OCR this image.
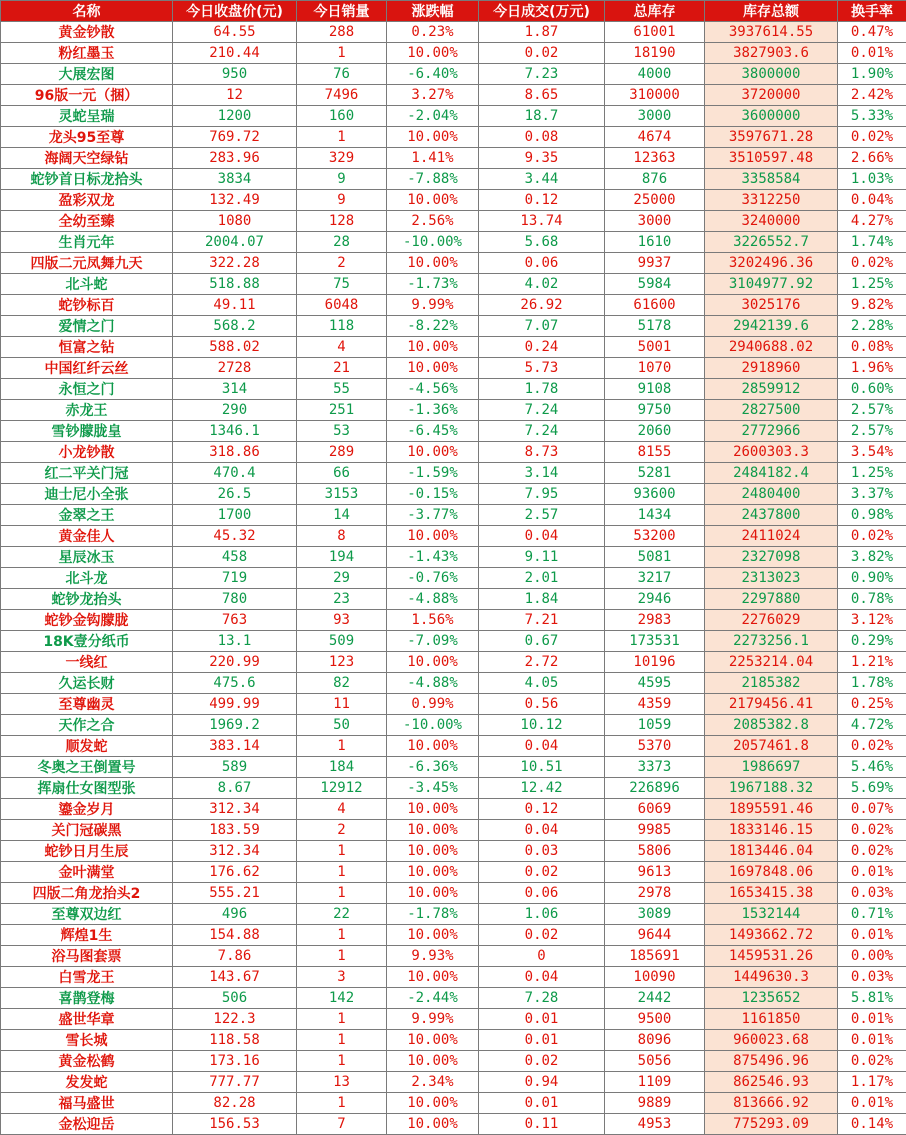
名称	今日收盘价(元)	今日销量	涨跌幅	今日成交(万元)	总库存	库存总额	换手率
黄金钞散	64.55	288	0.23%	1.87	61001	3937614.55	0.47%
粉红墨玉	210.44	1	10.00%	0.02	18190	3827903.6	0.01%
大展宏图	950	76	-6.40%	7.23	4000	3800000	1.90%
96版一元（捆）	12	7496	3.27%	8.65	310000	3720000	2.42%
灵蛇呈瑞	1200	160	-2.04%	18.7	3000	3600000	5.33%
龙头95至尊	769.72	1	10.00%	0.08	4674	3597671.28	0.02%
海阔天空绿钻	283.96	329	1.41%	9.35	12363	3510597.48	2.66%
蛇钞首日标龙拾头	3834	9	-7.88%	3.44	876	3358584	1.03%
盈彩双龙	132.49	9	10.00%	0.12	25000	3312250	0.04%
全幼至臻	1080	128	2.56%	13.74	3000	3240000	4.27%
生肖元年	2004.07	28	-10.00%	5.68	1610	3226552.7	1.74%
四版二元凤舞九天	322.28	2	10.00%	0.06	9937	3202496.36	0.02%
北斗蛇	518.88	75	-1.73%	4.02	5984	3104977.92	1.25%
蛇钞标百	49.11	6048	9.99%	26.92	61600	3025176	9.82%
爱情之门	568.2	118	-8.22%	7.07	5178	2942139.6	2.28%
恒富之钻	588.02	4	10.00%	0.24	5001	2940688.02	0.08%
中国红纤云丝	2728	21	10.00%	5.73	1070	2918960	1.96%
永恒之门	314	55	-4.56%	1.78	9108	2859912	0.60%
赤龙王	290	251	-1.36%	7.24	9750	2827500	2.57%
雪钞朦胧皇	1346.1	53	-6.45%	7.24	2060	2772966	2.57%
小龙钞散	318.86	289	10.00%	8.73	8155	2600303.3	3.54%
红二平关门冠	470.4	66	-1.59%	3.14	5281	2484182.4	1.25%
迪士尼小全张	26.5	3153	-0.15%	7.95	93600	2480400	3.37%
金翠之王	1700	14	-3.77%	2.57	1434	2437800	0.98%
黄金佳人	45.32	8	10.00%	0.04	53200	2411024	0.02%
星辰冰玉	458	194	-1.43%	9.11	5081	2327098	3.82%
北斗龙	719	29	-0.76%	2.01	3217	2313023	0.90%
蛇钞龙抬头	780	23	-4.88%	1.84	2946	2297880	0.78%
蛇钞金钩朦胧	763	93	1.56%	7.21	2983	2276029	3.12%
18K壹分纸币	13.1	509	-7.09%	0.67	173531	2273256.1	0.29%
一线红	220.99	123	10.00%	2.72	10196	2253214.04	1.21%
久运长财	475.6	82	-4.88%	4.05	4595	2185382	1.78%
至尊幽灵	499.99	11	0.99%	0.56	4359	2179456.41	0.25%
天作之合	1969.2	50	-10.00%	10.12	1059	2085382.8	4.72%
顺发蛇	383.14	1	10.00%	0.04	5370	2057461.8	0.02%
冬奥之王倒置号	589	184	-6.36%	10.51	3373	1986697	5.46%
挥扇仕女图型张	8.67	12912	-3.45%	12.42	226896	1967188.32	5.69%
鎏金岁月	312.34	4	10.00%	0.12	6069	1895591.46	0.07%
关门冠碳黑	183.59	2	10.00%	0.04	9985	1833146.15	0.02%
蛇钞日月生辰	312.34	1	10.00%	0.03	5806	1813446.04	0.02%
金叶满堂	176.62	1	10.00%	0.02	9613	1697848.06	0.01%
四版二角龙抬头2	555.21	1	10.00%	0.06	2978	1653415.38	0.03%
至尊双边红	496	22	-1.78%	1.06	3089	1532144	0.71%
辉煌1生	154.88	1	10.00%	0.02	9644	1493662.72	0.01%
浴马图套票	7.86	1	9.93%	0	185691	1459531.26	0.00%
白雪龙王	143.67	3	10.00%	0.04	10090	1449630.3	0.03%
喜鹊登梅	506	142	-2.44%	7.28	2442	1235652	5.81%
盛世华章	122.3	1	9.99%	0.01	9500	1161850	0.01%
雪长城	118.58	1	10.00%	0.01	8096	960023.68	0.01%
黄金松鹤	173.16	1	10.00%	0.02	5056	875496.96	0.02%
发发蛇	777.77	13	2.34%	0.94	1109	862546.93	1.17%
福马盛世	82.28	1	10.00%	0.01	9889	813666.92	0.01%
金松迎岳	156.53	7	10.00%	0.11	4953	775293.09	0.14%
